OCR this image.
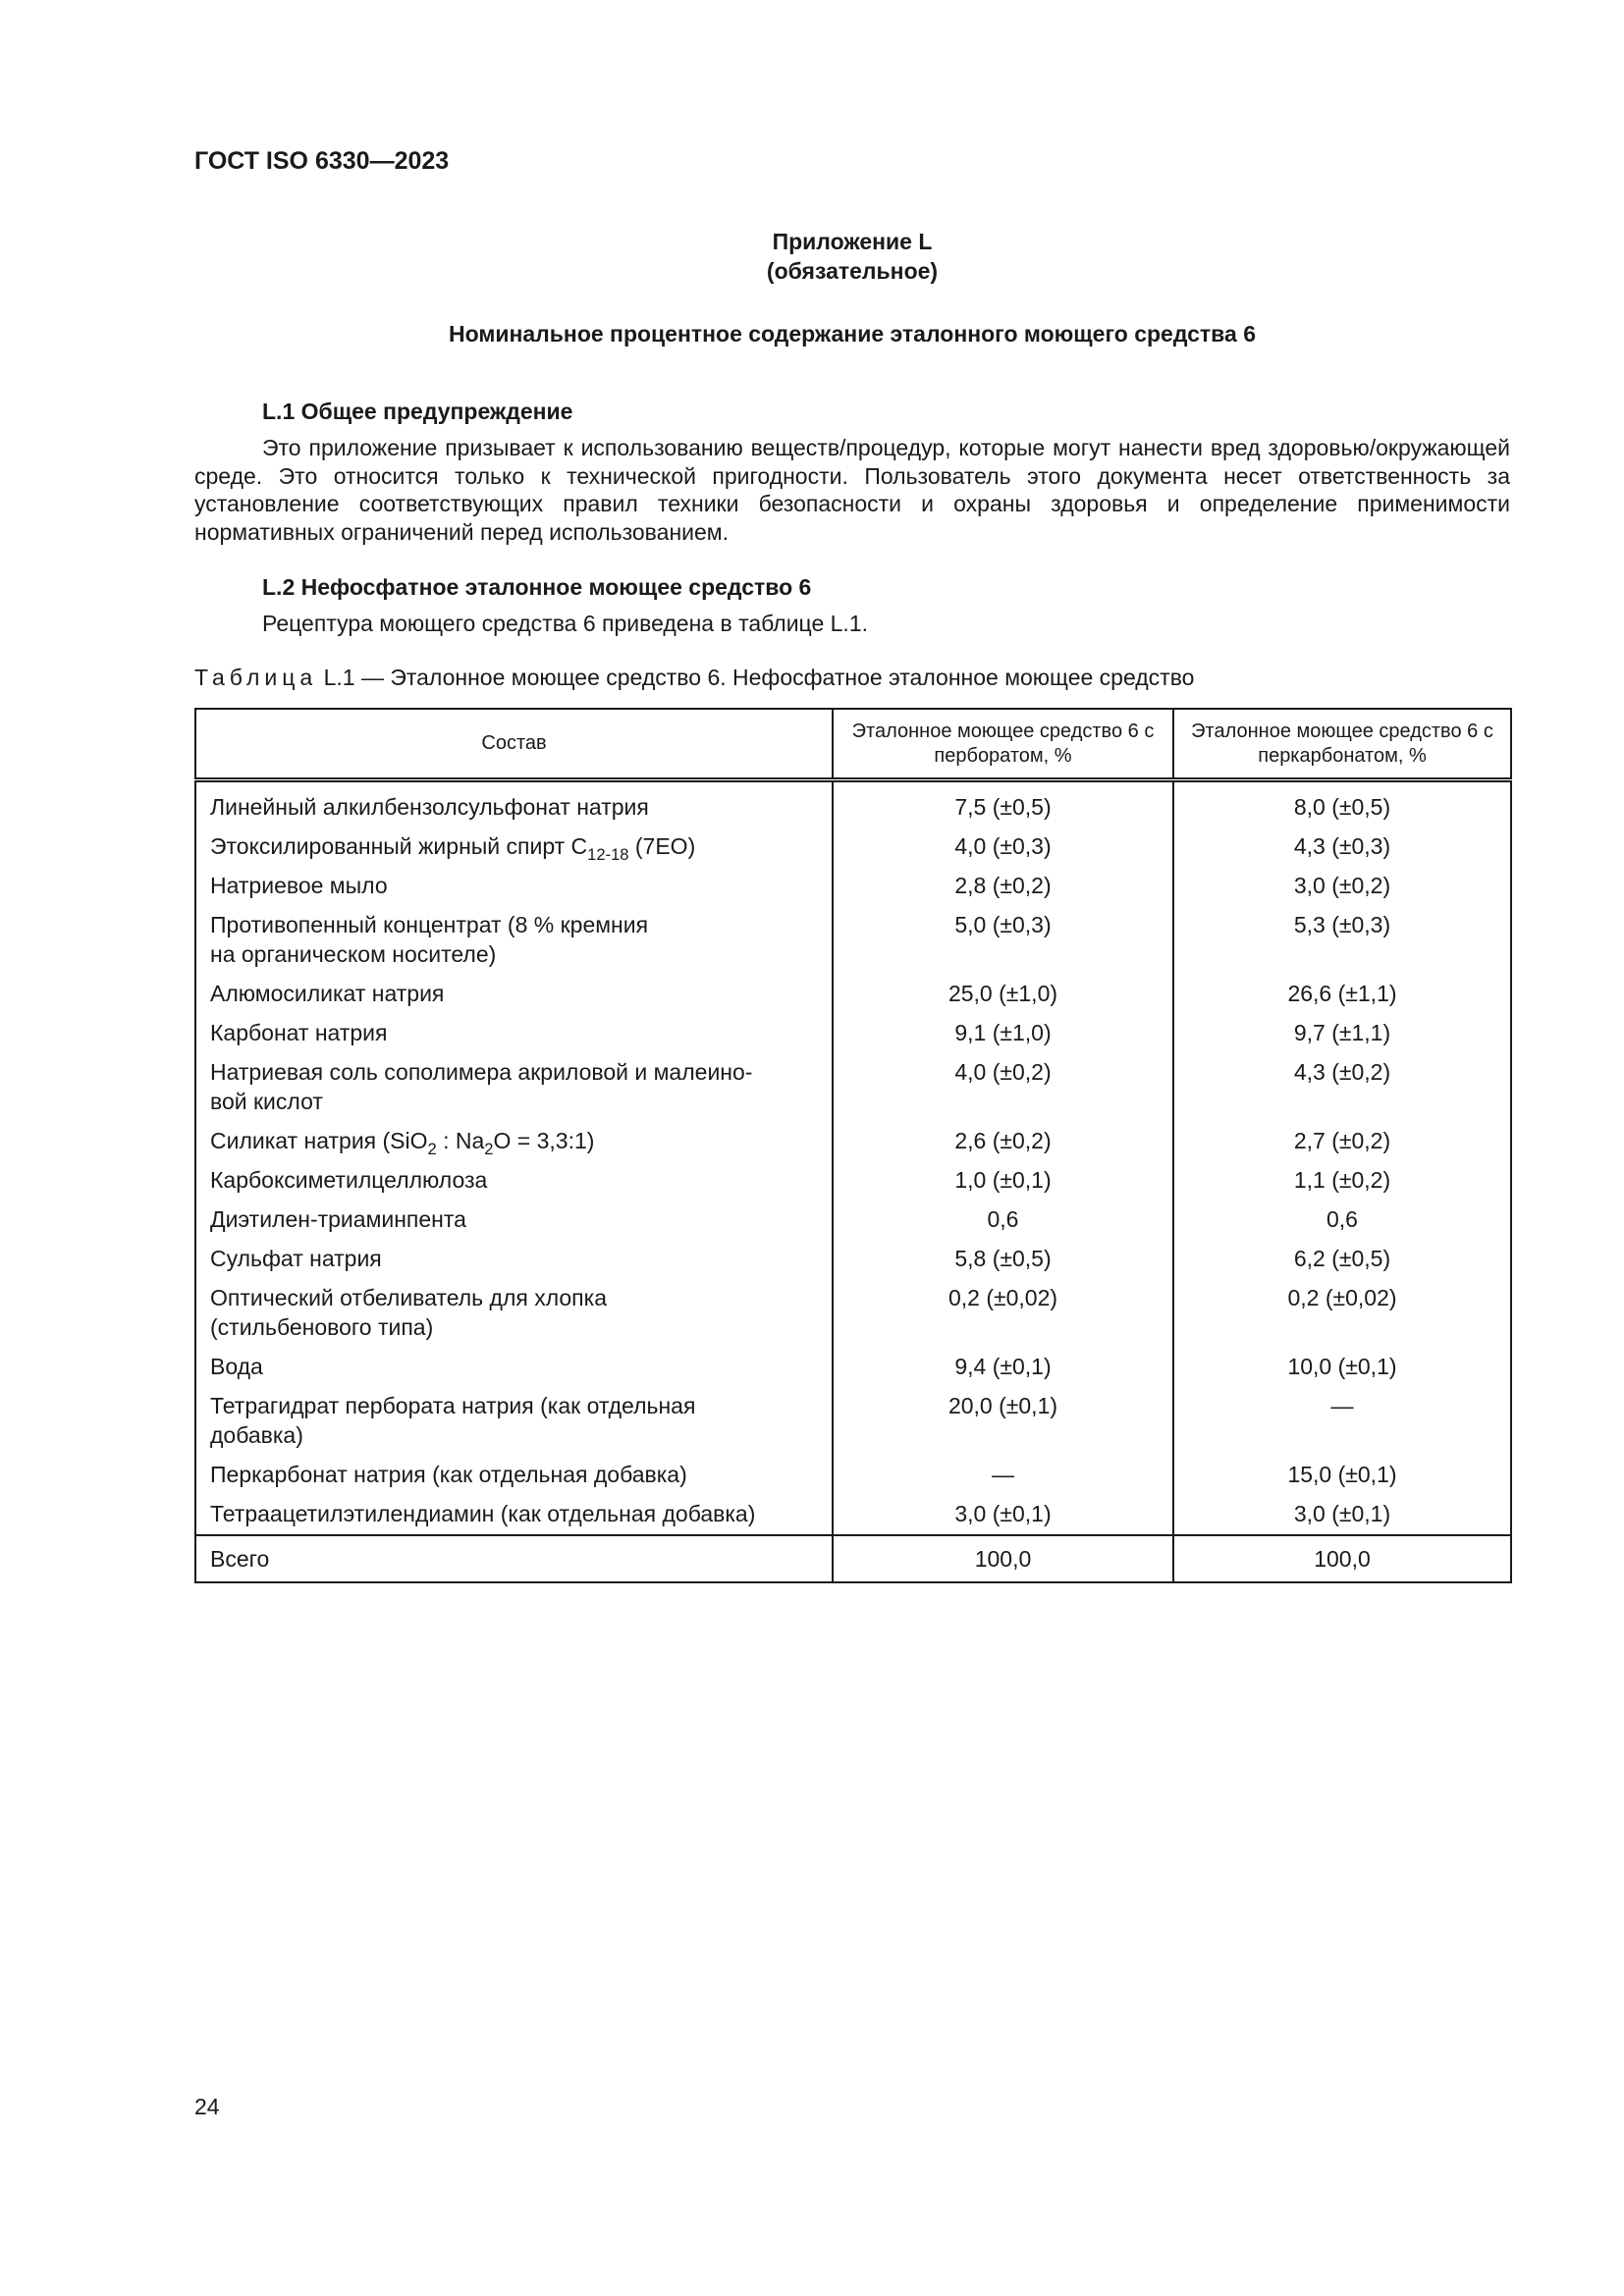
ГОСТ ISO 6330—2023
Приложение L
(обязательное)
Номинальное процентное содержание эталонного моющего средства 6
L.1 Общее предупреждение

Это приложение призывает к использованию веществ/процедур, которые могут нанести вред здоровью/окружающей среде. Это относится только к технической пригодности. Пользователь этого документа несет ответственность за установление соответствующих правил техники безопасности и охраны здоровья и определение применимости нормативных ограничений перед использованием.

L.2 Нефосфатное эталонное моющее средство 6
Рецептура моющего средства 6 приведена в таблице L.1.
Таблица L.1 — Эталонное моющее средство 6. Нефосфатное эталонное моющее средство
Состав	Эталонное моющее средство 6 с перборатом, %	Эталонное моющее средство 6 с перкарбонатом, %
Линейный алкилбензолсульфонат натрия	7,5 (±0,5)	8,0 (±0,5)
Этоксилированный жирный спирт $C_{12-18}$ (7EO)	4,0 (±0,3)	4,3 (±0,3)
Натриевое мыло	2,8 (±0,2)	3,0 (±0,2)
Противопенный концентрат (8 % кремния
на органическом носителе)	5,0 (±0,3)	5,3 (±0,3)
Алюмосиликат натрия	25,0 (±1,0)	26,6 (±1,1)
Карбонат натрия	9,1 (±1,0)	9,7 (±1,1)
Натриевая соль сополимера акриловой и малеино-
вой кислот	4,0 (±0,2)	4,3 (±0,2)
Силикат натрия (SiO$_2$ : $Na_2O$ = 3,3:1)	2,6 (±0,2)	2,7 (±0,2)
Карбоксиметилцеллюлоза	1,0 (±0,1)	1,1 (±0,2)
Диэтилен-триаминпента	0,6	0,6
Сульфат натрия	5,8 (±0,5)	6,2 (±0,5)
Оптический отбеливатель для хлопка
(стильбенового типа)	0,2 (±0,02)	0,2 (±0,02)
Вода	9,4 (±0,1)	10,0 (±0,1)
Тетрагидрат пербората натрия (как отдельная
добавка)	20,0 (±0,1)	—
Перкарбонат натрия (как отдельная добавка)	—	15,0 (±0,1)
Тетраацетилэтилендиамин (как отдельная добавка)	3,0 (±0,1)	3,0 (±0,1)
Всего	100,0	100,0
24
